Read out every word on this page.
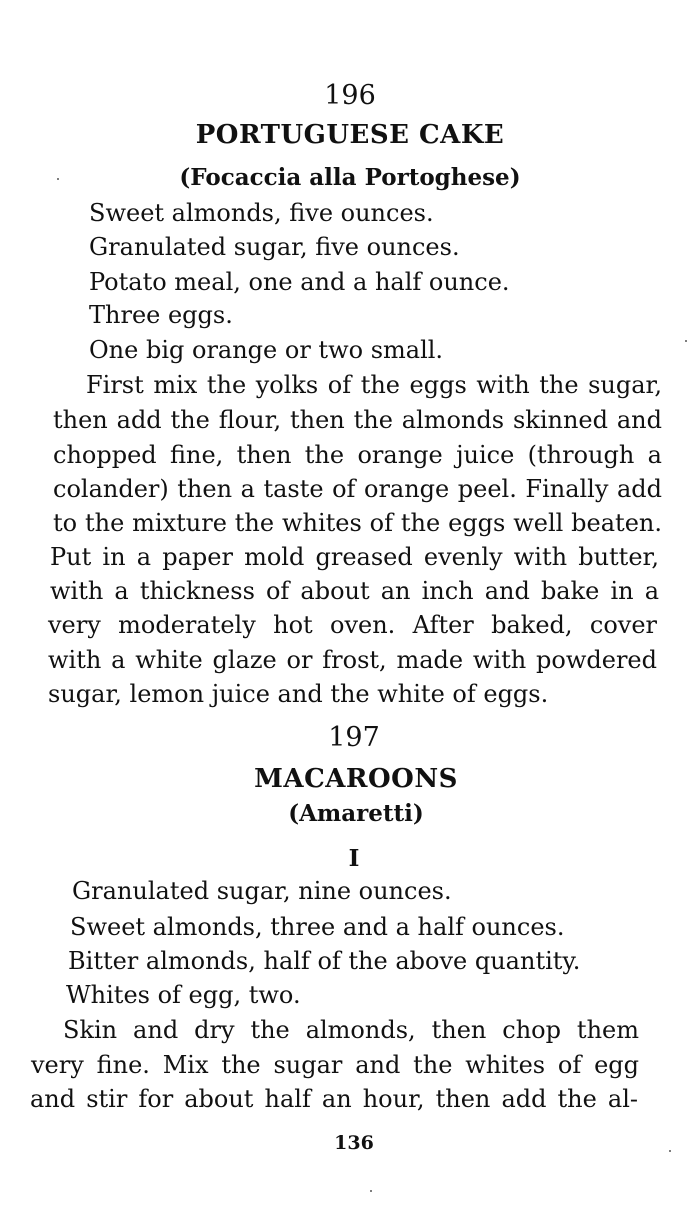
196
PORTUGUESE CAKE
(Focaccia alla Portoghese)
Sweet almonds, five ounces.
Granulated sugar, five ounces.
Potato meal, one and a half ounce.
Three eggs.
One big orange or two small.
First mix the yolks of the eggs with the sugar,
then add the flour, then the almonds skinned and
chopped fine, then the orange juice (through a
colander) then a taste of orange peel. Finally add
to the mixture the whites of the eggs well beaten.
Put in a paper mold greased evenly with butter,
with a thickness of about an inch and bake in a
very moderately hot oven. After baked, cover
with a white glaze or frost, made with powdered
sugar, lemon juice and the white of eggs.
197
MACAROONS
(Amaretti)
I
Granulated sugar, nine ounces.
Sweet almonds, three and a half ounces.
Bitter almonds, half of the above quantity.
Whites of egg, two.
Skin and dry the almonds, then chop them
very fine. Mix the sugar and the whites of egg
and stir for about half an hour, then add the al-
136
